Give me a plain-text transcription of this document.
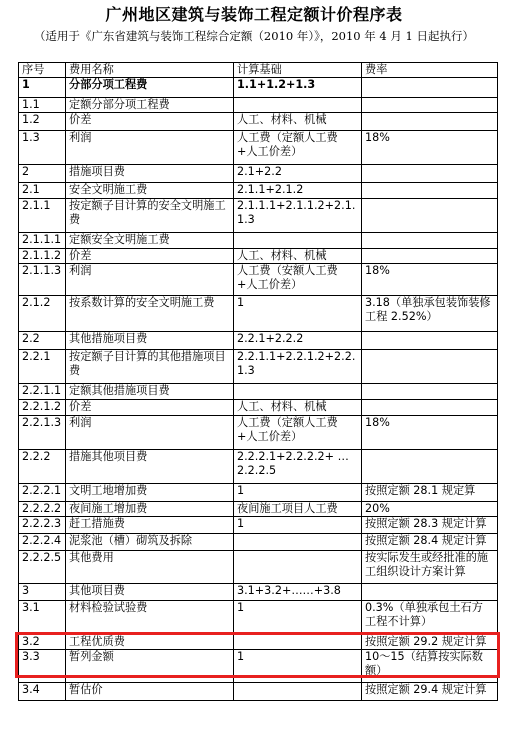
广州地区建筑与装饰工程定额计价程序表
（适用于《广东省建筑与装饰工程综合定额（2010 年）》，2010 年 4 月 1 日起执行）
序号	费用名称	计算基础	费率
1	分部分项工程费	1.1+1.2+1.3	
1.1	定额分部分项工程费		
1.2	价差	人工、材料、机械	
1.3	利润	人工费（定额人工费+人工价差）	18%
2	措施项目费	2.1+2.2	
2.1	安全文明施工费	2.1.1+2.1.2	
2.1.1	按定额子目计算的安全文明施工费	2.1.1.1+2.1.1.2+2.1.1.3	
2.1.1.1	定额安全文明施工费		
2.1.1.2	价差	人工、材料、机械	
2.1.1.3	利润	人工费（安额人工费+人工价差）	18%
2.1.2	按系数计算的安全文明施工费	1	3.18（单独承包装饰装修工程 2.52%）
2.2	其他措施项目费	2.2.1+2.2.2	
2.2.1	按定额子目计算的其他措施项目费	2.2.1.1+2.2.1.2+2.2.1.3	
2.2.1.1	定额其他措施项目费		
2.2.1.2	价差	人工、材料、机械	
2.2.1.3	利润	人工费（定额人工费+人工价差）	18%
2.2.2	措施其他项目费	2.2.2.1+2.2.2.2+ … 2.2.2.5	
2.2.2.1	文明工地增加费	1	按照定额 28.1 规定算
2.2.2.2	夜间施工增加费	夜间施工项目人工费	20%
2.2.2.3	赶工措施费	1	按照定额 28.3 规定计算
2.2.2.4	泥浆池（槽）砌筑及拆除		按照定额 28.4 规定计算
2.2.2.5	其他费用		按实际发生或经批准的施工组织设计方案计算
3	其他项目费	3.1+3.2+……+3.8	
3.1	材料检验试验费	1	0.3%（单独承包土石方工程不计算）
3.2	工程优质费		按照定额 29.2 规定计算
3.3	暂列金额	1	10～15（结算按实际数额）
3.4	暂估价		按照定额 29.4 规定计算
